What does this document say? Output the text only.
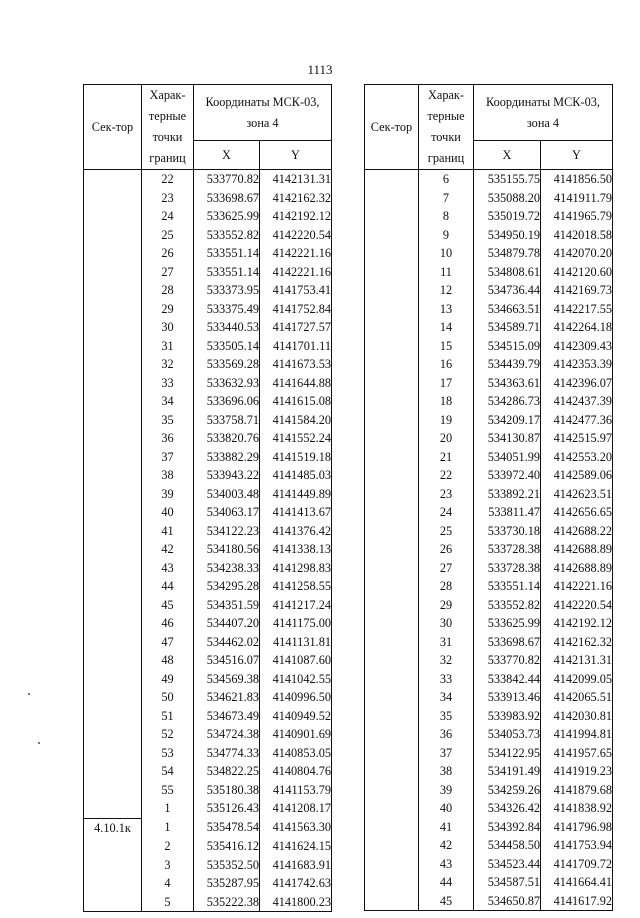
1113
Сек-тор	Харак-терные точки границ	Координаты МСК-03, зона 4	
		X	Y
	22	533770.82	4142131.31
	23	533698.67	4142162.32
	24	533625.99	4142192.12
	25	533552.82	4142220.54
	26	533551.14	4142221.16
	27	533551.14	4142221.16
	28	533373.95	4141753.41
	29	533375.49	4141752.84
	30	533440.53	4141727.57
	31	533505.14	4141701.11
	32	533569.28	4141673.53
	33	533632.93	4141644.88
	34	533696.06	4141615.08
	35	533758.71	4141584.20
	36	533820.76	4141552.24
	37	533882.29	4141519.18
	38	533943.22	4141485.03
	39	534003.48	4141449.89
	40	534063.17	4141413.67
	41	534122.23	4141376.42
	42	534180.56	4141338.13
	43	534238.33	4141298.83
	44	534295.28	4141258.55
	45	534351.59	4141217.24
	46	534407.20	4141175.00
	47	534462.02	4141131.81
	48	534516.07	4141087.60
	49	534569.38	4141042.55
	50	534621.83	4140996.50
	51	534673.49	4140949.52
	52	534724.38	4140901.69
	53	534774.33	4140853.05
	54	534822.25	4140804.76
	55	535180.38	4141153.79
	1	535126.43	4141208.17
4.10.1к	1	535478.54	4141563.30
	2	535416.12	4141624.15
	3	535352.50	4141683.91
	4	535287.95	4141742.63
	5	535222.38	4141800.23
Сек-тор	Харак-терные точки границ	Координаты МСК-03, зона 4	
		X	Y
	6	535155.75	4141856.50
	7	535088.20	4141911.79
	8	535019.72	4141965.79
	9	534950.19	4142018.58
	10	534879.78	4142070.20
	11	534808.61	4142120.60
	12	534736.44	4142169.73
	13	534663.51	4142217.55
	14	534589.71	4142264.18
	15	534515.09	4142309.43
	16	534439.79	4142353.39
	17	534363.61	4142396.07
	18	534286.73	4142437.39
	19	534209.17	4142477.36
	20	534130.87	4142515.97
	21	534051.99	4142553.20
	22	533972.40	4142589.06
	23	533892.21	4142623.51
	24	533811.47	4142656.65
	25	533730.18	4142688.22
	26	533728.38	4142688.89
	27	533728.38	4142688.89
	28	533551.14	4142221.16
	29	533552.82	4142220.54
	30	533625.99	4142192.12
	31	533698.67	4142162.32
	32	533770.82	4142131.31
	33	533842.44	4142099.05
	34	533913.46	4142065.51
	35	533983.92	4142030.81
	36	534053.73	4141994.81
	37	534122.95	4141957.65
	38	534191.49	4141919.23
	39	534259.26	4141879.68
	40	534326.42	4141838.92
	41	534392.84	4141796.98
	42	534458.50	4141753.94
	43	534523.44	4141709.72
	44	534587.51	4141664.41
	45	534650.87	4141617.92
